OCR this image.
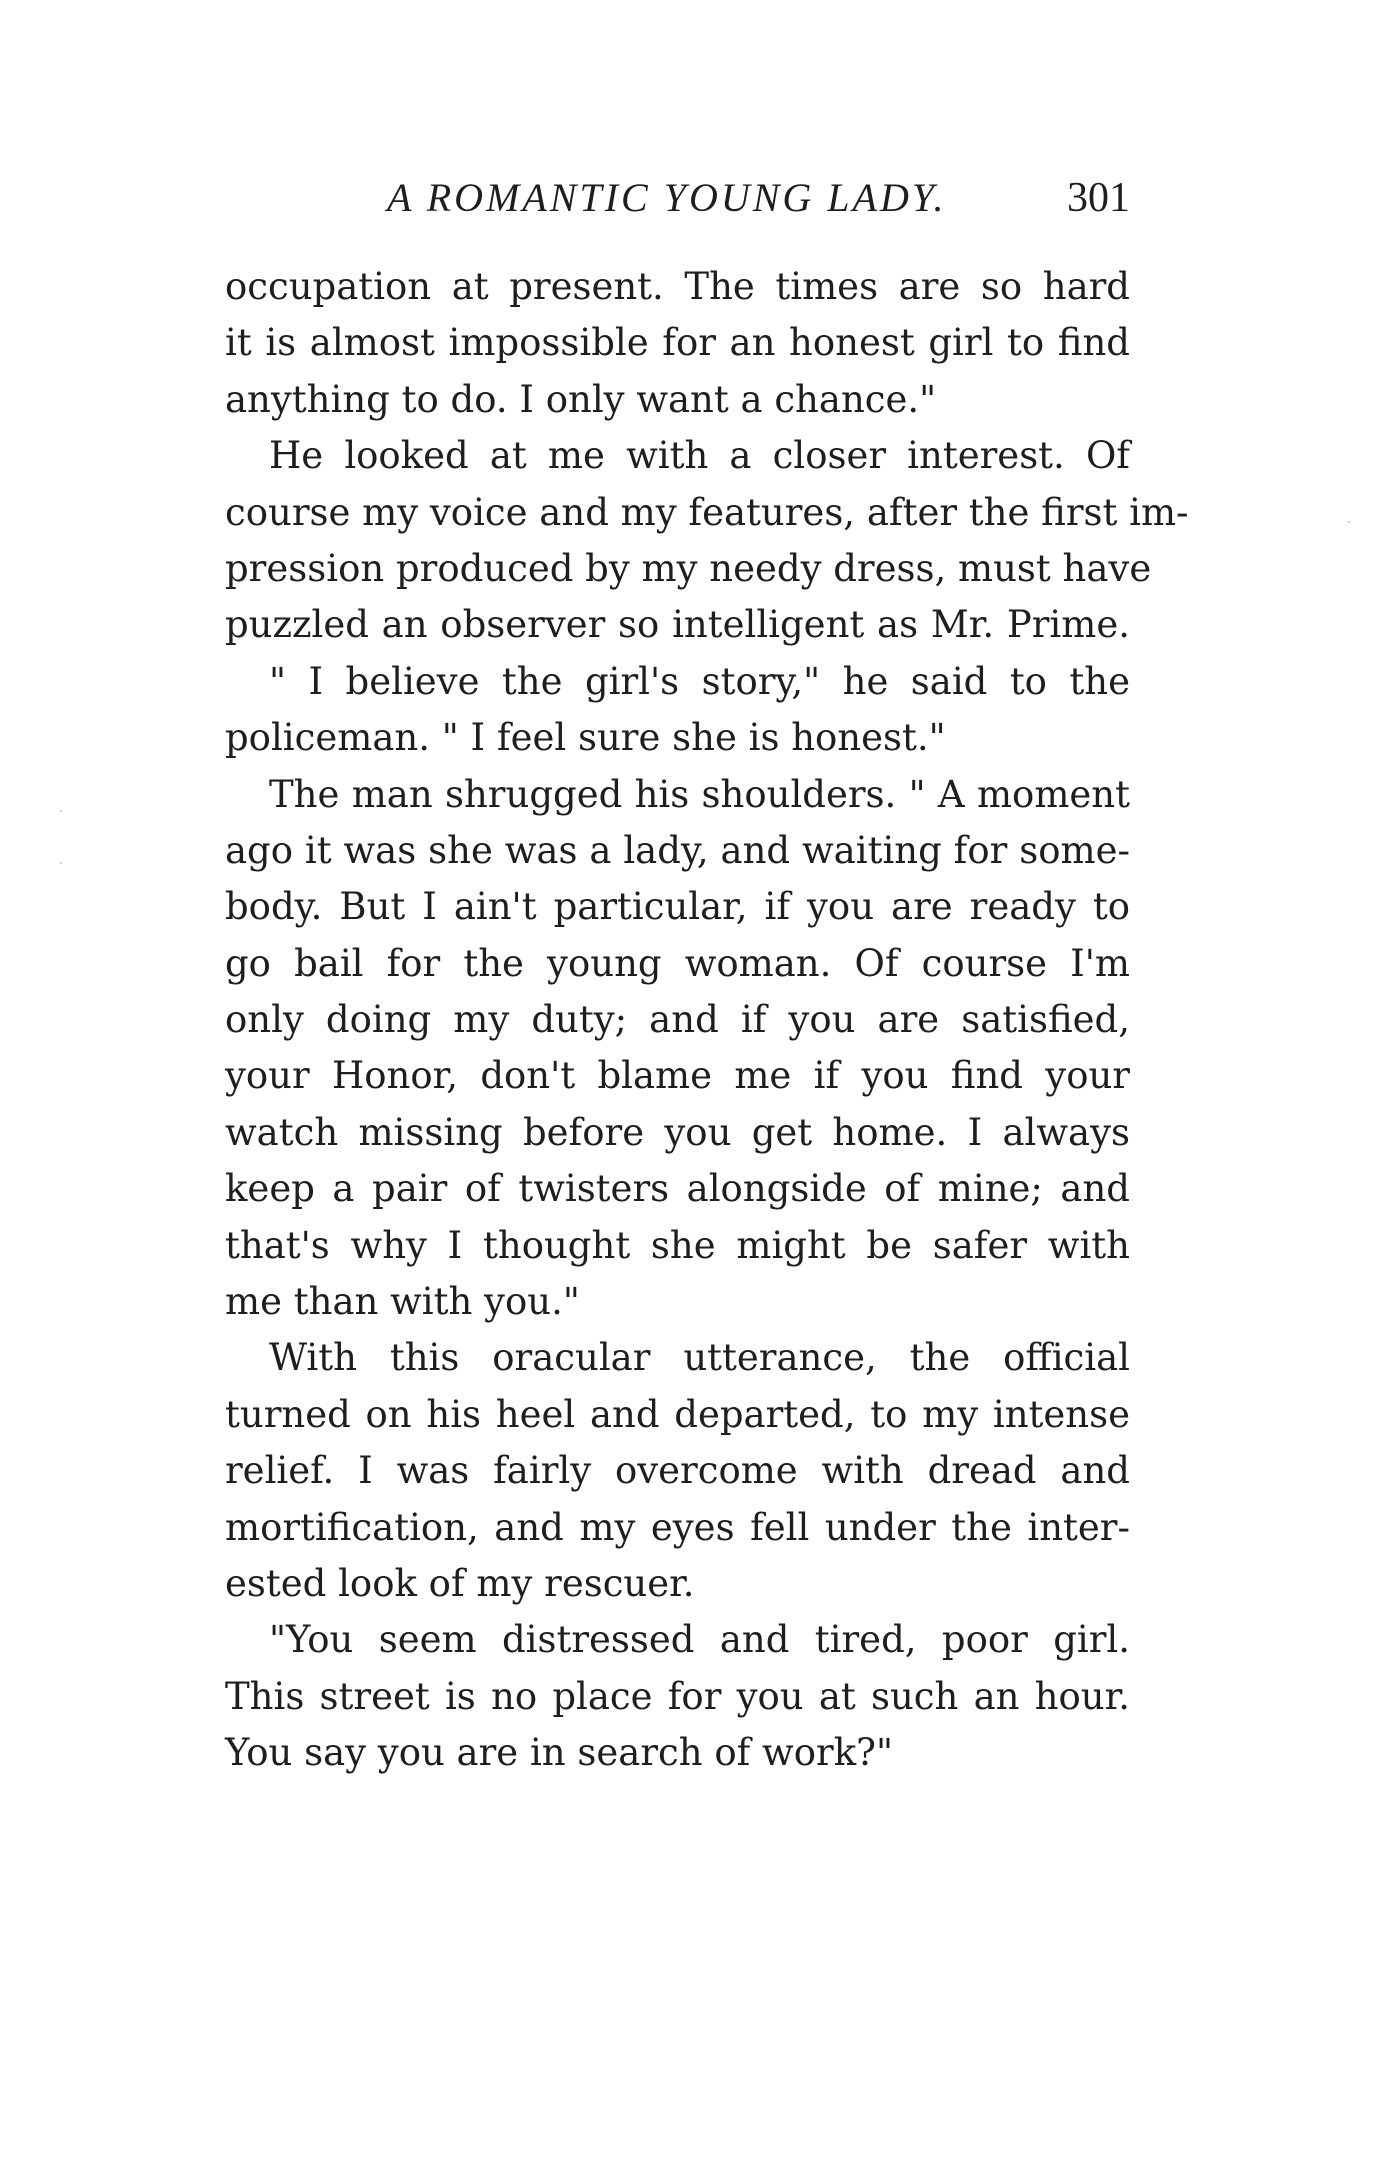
A ROMANTIC YOUNG LADY.	301

occupation at present. The times are so hard
it is almost impossible for an honest girl to find
anything to do. I only want a chance."

He looked at me with a closer interest. Of
course my voice and my features, after the first im-
pression produced by my needy dress, must have
puzzled an observer so intelligent as Mr. Prime.

" I believe the girl's story," he said to the
policeman. " I feel sure she is honest."

The man shrugged his shoulders. " A moment
ago it was she was a lady, and waiting for some-
body. But I ain't particular, if you are ready to
go bail for the young woman. Of course I'm
only doing my duty; and if you are satisfied,
your Honor, don't blame me if you find your
watch missing before you get home. I always
keep a pair of twisters alongside of mine; and
that's why I thought she might be safer with
me than with you."

With this oracular utterance, the official
turned on his heel and departed, to my intense
relief. I was fairly overcome with dread and
mortification, and my eyes fell under the inter-
ested look of my rescuer.

"You seem distressed and tired, poor girl.
This street is no place for you at such an hour.
You say you are in search of work?"
